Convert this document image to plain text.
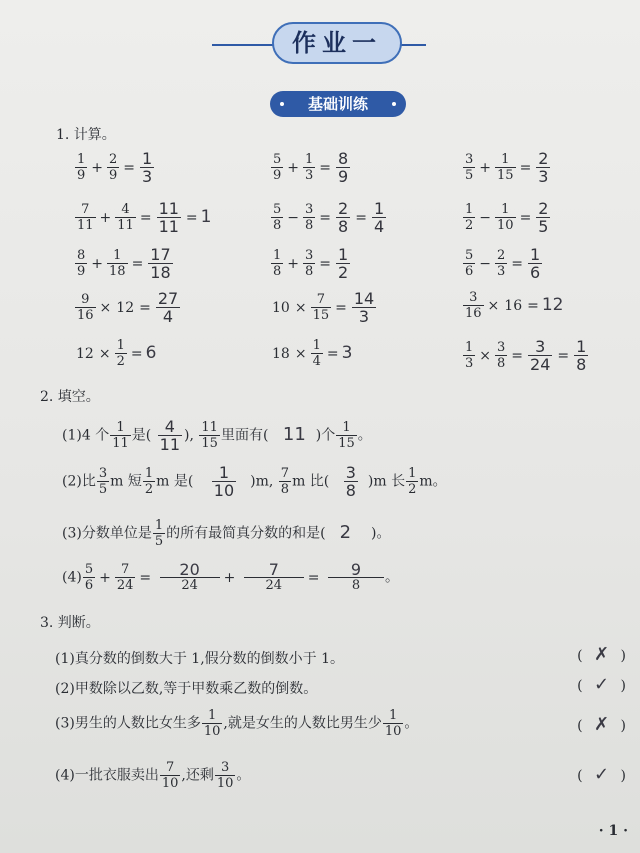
作业一
基础训练
1. 计算。
$\frac{1}{9} + \frac{2}{9} = \frac{1}{3}$	$\frac{5}{9} + \frac{1}{3} = \frac{8}{9}$	$\frac{3}{5} + \frac{1}{15} = \frac{2}{3}$
$\frac{7}{11} + \frac{4}{11} = \frac{11}{11} = 1$	$\frac{5}{8} - \frac{3}{8} = \frac{2}{8} = \frac{1}{4}$	$\frac{1}{2} - \frac{1}{10} = \frac{2}{5}$
$\frac{8}{9} + \frac{1}{18} = \frac{17}{18}$	$\frac{1}{8} + \frac{3}{8} = \frac{1}{2}$	$\frac{5}{6} - \frac{2}{3} = \frac{1}{6}$
$\frac{9}{16} \times 12 = \frac{27}{4}$	$10 \times \frac{7}{15} = \frac{14}{3}$	$\frac{3}{16} \times 16 = 12$
$12 \times \frac{1}{2} = 6$	$18 \times \frac{1}{4} = 3$	$\frac{1}{3} \times \frac{3}{8} = \frac{3}{24} = \frac{1}{8}$
2. 填空。
(1)4 个 $\frac{1}{11}$ 是( $\frac{4}{11}$ ), $\frac{11}{15}$ 里面有( 11 )个 $\frac{1}{15}$ 。
(2)比 $\frac{3}{5}$ m 短 $\frac{1}{2}$ m 是( $\frac{1}{10} )m$, $\frac{7}{8}$ m 比( $\frac{3}{8} )m$ 长 $\frac{1}{2}$ m。
(3)分数单位是 $\frac{1}{5}$ 的所有最简真分数的和是( 2 )。
$(4) \frac{5}{6} + \frac{7}{24} = \frac{20}{24} + \frac{7}{24} = \frac{9}{8}$ 。
3. 判断。
(1)真分数的倒数大于 1,假分数的倒数小于 1。	( ✗ )
(2)甲数除以乙数,等于甲数乘乙数的倒数。	( ✓ )
(3)男生的人数比女生多 $\frac{1}{10}$ ,就是女生的人数比男生少 $\frac{1}{10}$ 。	( ✗ )
(4)一批衣服卖出 $\frac{7}{10}$ ,还剩 $\frac{3}{10}$ 。	( ✓ )
· 1 ·
